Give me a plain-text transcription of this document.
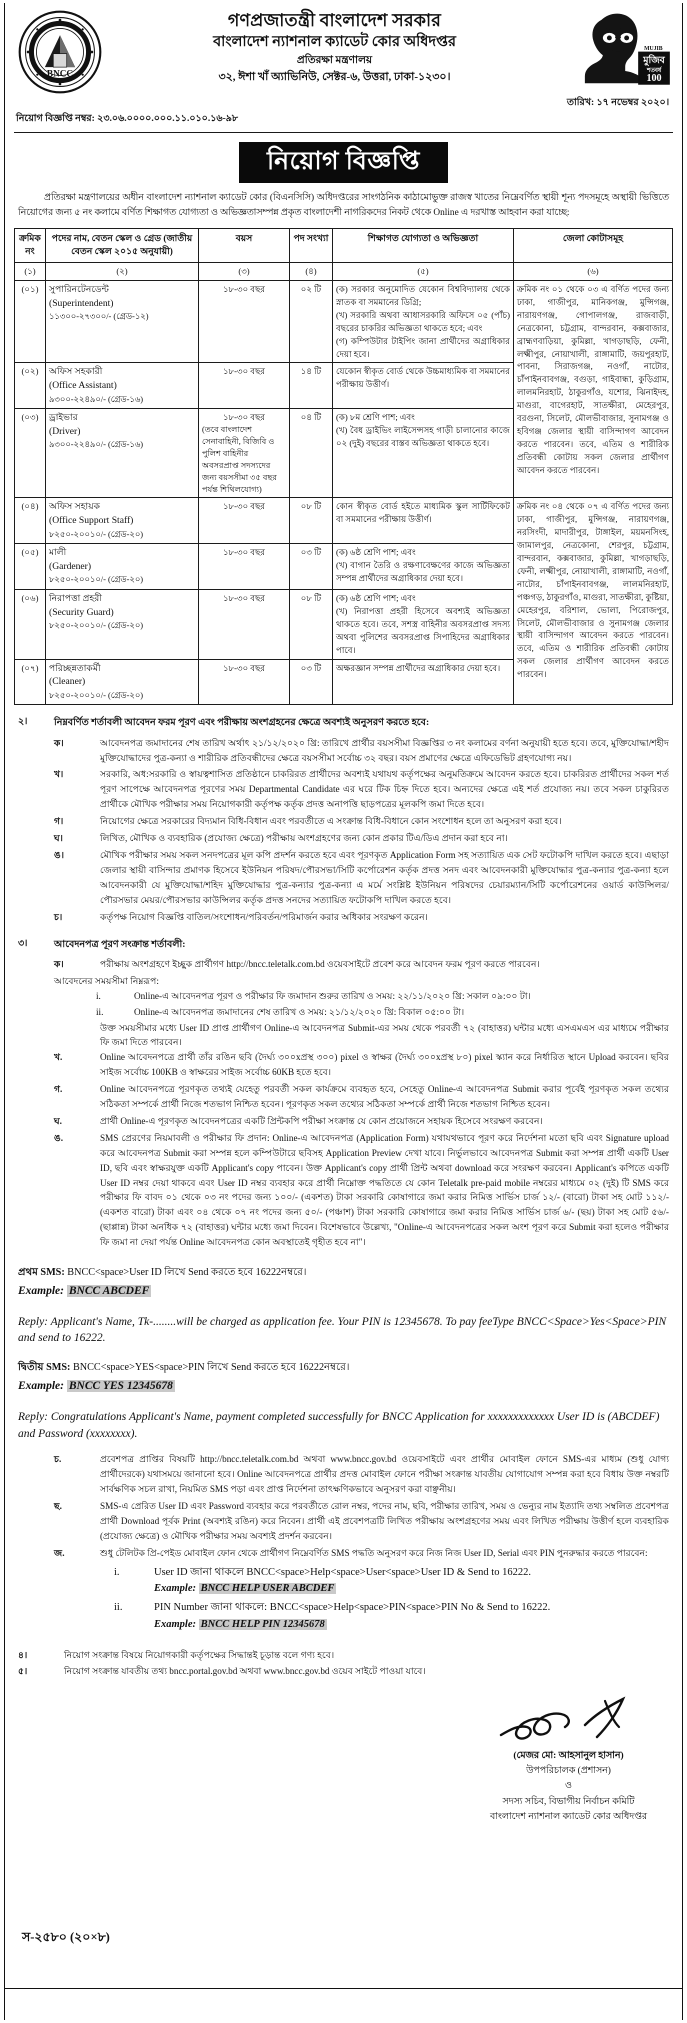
BNCC
গণপ্রজাতন্ত্রী বাংলাদেশ সরকার
বাংলাদেশ ন্যাশনাল ক্যাডেট কোর অধিদপ্তর
প্রতিরক্ষা মন্ত্রণালয়
৩২, ঈশা খাঁ অ্যাভিনিউ, সেক্টর-৬, উত্তরা, ঢাকা-১২৩০।
মুজিব
শতবর্ষ
100
MUJIB
তারিখ: ১৭ নভেম্বর ২০২০।
নিয়োগ বিজ্ঞপ্তি নম্বর: ২৩.০৬.০০০০.০০০.১১.০১০.১৬-৯৮
নিয়োগ বিজ্ঞপ্তি
প্রতিরক্ষা মন্ত্রণালয়ের অধীন বাংলাদেশ ন্যাশনাল ক্যাডেট কোর (বিএনসিসি) অধিদপ্তরের সাংগঠনিক কাঠামোভুক্ত রাজস্ব খাতের নিম্নেবর্ণিত স্থায়ী শূন্য পদসমূহে অস্থায়ী ভিত্তিতে নিয়োগের জন্য ৫ নং কলামে বর্ণিত শিক্ষাগত যোগ্যতা ও অভিজ্ঞতাসম্পন্ন প্রকৃত বাংলাদেশী নাগরিকদের নিকট থেকে Online এ দরখাস্ত আহবান করা যাচ্ছে:
ক্রমিক নং	পদের নাম, বেতন স্কেল ও গ্রেড (জাতীয় বেতন স্কেল ২০১৫ অনুযায়ী)	বয়স	পদ সংখ্যা	শিক্ষাগত যোগ্যতা ও অভিজ্ঞতা	জেলা কোটাসমূহ
(১)	(২)	(৩)	(৪)	(৫)	(৬)
(০১)	সুপারিনটেনডেন্ট
(Superintendent)
১১৩০০-২৭৩০০/- (গ্রেড-১২)
	১৮-৩০ বছর	০২ টি	(ক) সরকার অনুমোদিত যেকোন বিশ্ববিদ্যালয় থেকে স্নাতক বা সমমানের ডিগ্রি;
(খ) সরকারি অথবা আধাসরকারি অফিসে ০৫ (পাঁচ) বছরের চাকরির অভিজ্ঞতা থাকতে হবে; এবং
(গ) কম্পিউটার টাইপিং জানা প্রার্থীদের অগ্রাধিকার দেয়া হবে।	ক্রমিক নং ০১ থেকে ০৩ এ বর্ণিত পদের জন্য ঢাকা, গাজীপুর, মানিকগঞ্জ, মুন্সিগঞ্জ, নারায়ণগঞ্জ, গোপালগঞ্জ, রাজবাড়ী, নেত্রকোনা, চট্টগ্রাম, বান্দরবান, কক্সবাজার, ব্রাহ্মণবাড়িয়া, কুমিল্লা, খাগড়াছড়ি, ফেনী, লক্ষ্মীপুর, নোয়াখালী, রাঙ্গামাটি, জয়পুরহাট, পাবনা, সিরাজগঞ্জ, নওগাঁ, নাটোর, চাঁপাইনবাবগঞ্জ, বগুড়া, গাইবান্ধা, কুড়িগ্রাম, লালমনিরহাট, ঠাকুরগাঁও, যশোর, ঝিনাইদহ, মাগুরা, বাগেরহাট, সাতক্ষীরা, মেহেরপুর, বরগুনা, সিলেট, মৌলভীবাজার, সুনামগঞ্জ ও হবিগঞ্জ জেলার স্থায়ী বাসিন্দাগণ আবেদন করতে পারবেন। তবে, এতিম ও শারীরিক প্রতিবন্ধী কোটায় সকল জেলার প্রার্থীগণ আবেদন করতে পারবেন।
(০২)	অফিস সহকারী
(Office Assistant)
৯৩০০-২২৪৯০/- (গ্রেড-১৬)	১৮-৩০ বছর	১৪ টি	যেকোন স্বীকৃত বোর্ড থেকে উচ্চমাধ্যমিক বা সমমানের পরীক্ষায় উত্তীর্ণ।	
(০৩)	ড্রাইভার
(Driver)
৯৩০০-২২৪৯০/- (গ্রেড-১৬)	১৮-৩০ বছর
(তবে বাংলাদেশ সেনাবাহিনী, বিজিবি ও পুলিশ বাহিনীর অবসরপ্রাপ্ত সদস্যদের জন্য বয়সসীমা ৩৫ বছর পর্যন্ত শিথিলযোগ্য)	০৪ টি	(ক) ৮ম শ্রেণি পাশ; এবং
(খ) বৈধ ড্রাইভিং লাইসেন্সসহ গাড়ী চালানোর কাজে ০২ (দুই) বছরের বাস্তব অভিজ্ঞতা থাকতে হবে।	
(০৪)	অফিস সহায়ক
(Office Support Staff)
৮২৫০-২০০১০/- (গ্রেড-২০)
	১৮-৩০ বছর	০৮ টি	কোন স্বীকৃত বোর্ড হইতে মাধ্যমিক স্কুল সার্টিফিকেট বা সমমানের পরীক্ষায় উত্তীর্ণ।	ক্রমিক নং ০৪ থেকে ০৭ এ বর্ণিত পদের জন্য ঢাকা, গাজীপুর, মুন্সিগঞ্জ, নারায়ণগঞ্জ, নরসিংদী, মাদারীপুর, টাঙ্গাইল, ময়মনসিংহ, জামালপুর, নেত্রকোনা, শেরপুর, চট্টগ্রাম, বান্দরবান, কক্সবাজার, কুমিল্লা, খাগড়াছড়ি, ফেনী, লক্ষ্মীপুর, নোয়াখালী, রাঙ্গামাটি, নওগাঁ, নাটোর, চাঁপাইনবাবগঞ্জ, লালমনিরহাট, পঞ্চগড়, ঠাকুরগাঁও, মাগুরা, সাতক্ষীরা, কুষ্টিয়া, মেহেরপুর, বরিশাল, ভোলা, পিরোজপুর, সিলেট, মৌলভীবাজার ও সুনামগঞ্জ জেলার স্থায়ী বাসিন্দাগণ আবেদন করতে পারবেন। তবে, এতিম ও শারীরিক প্রতিবন্ধী কোটায় সকল জেলার প্রার্থীগণ আবেদন করতে পারবেন।
(০৫)	মালী
(Gardener)
৮২৫০-২০০১০/- (গ্রেড-২০)	১৮-৩০ বছর	০৩ টি	(ক) ৬ষ্ঠ শ্রেণি পাশ; এবং
(খ) বাগান তৈরি ও রক্ষণাবেক্ষণের কাজে অভিজ্ঞতা সম্পন্ন প্রার্থীদের অগ্রাধিকার দেয়া হবে।	
(০৬)	নিরাপত্তা প্রহরী
(Security Guard)
৮২৫০-২০০১০/- (গ্রেড-২০)	১৮-৩০ বছর	০৮ টি	(ক) ৬ষ্ঠ শ্রেণি পাশ; এবং
(খ) নিরাপত্তা প্রহরী হিসেবে অবশ্যই অভিজ্ঞতা থাকতে হবে। তবে, সশস্ত্র বাহিনীর অবসরপ্রাপ্ত সদস্য অথবা পুলিশের অবসরপ্রাপ্ত সিপাহিদের অগ্রাধিকার পাবে।	
(০৭)	পরিচ্ছন্নতাকর্মী
(Cleaner)
৮২৫০-২০০১০/- (গ্রেড-২০)	১৮-৩০ বছর	০৩ টি	অক্ষরজ্ঞান সম্পন্ন প্রার্থীদের অগ্রাধিকার দেয়া হবে।	
২।	নিম্নবর্ণিত শর্তাবলী আবেদন ফরম পূরণ এবং পরীক্ষায় অংশগ্রহনের ক্ষেত্রে অবশ্যই অনুসরণ করতে হবে:
ক।	আবেদনপত্র জমাদানের শেষ তারিখ অর্থাৎ ২১/১২/২০২০ খ্রি: তারিখে প্রার্থীর বয়সসীমা বিজ্ঞপ্তির ৩ নং কলামের বর্ণনা অনুযায়ী হতে হবে। তবে, মুক্তিযোদ্ধা/শহীদ মুক্তিযোদ্ধাদের পুত্র-কন্যা ও শারীরিক প্রতিবন্ধীদের ক্ষেত্রে বয়সসীমা সর্বোচ্চ ৩২ বছর। বয়স প্রমাণের ক্ষেত্রে এফিডেভিট গ্রহণযোগ্য নয়।
খ।	সরকারি, অধ:সরকারি ও স্বায়ত্বশাসিত প্রতিষ্ঠানে চাকরিরত প্রার্থীদের অবশ্যই যথাযথ কর্তৃপক্ষের অনুমতিক্রমে আবেদন করতে হবে। চাকরিরত প্রার্থীদের সকল শর্ত পূরণ সাপেক্ষে আবেদনপত্র পূরণের সময় Departmental Candidate এর ঘরে টিক চিহ্ন দিতে হবে। অন্যদের ক্ষেত্রে এই শর্ত প্রযোজ্য নয়। তবে সকল চাকুরিরত প্রার্থীকে মৌখিক পরীক্ষার সময় নিয়োগকারী কর্তৃপক্ষ কর্তৃক প্রদত্ত অনাপত্তি ছাড়পত্রের মূলকপি জমা দিতে হবে।
গ।	নিয়োগের ক্ষেত্রে সরকারের বিদ্যমান বিধি-বিধান এবং পরবর্তীতে এ সংক্রান্ত বিধি-বিধানে কোন সংশোধন হলে তা অনুসরণ করা হবে।
ঘ।	লিখিত, মৌখিক ও ব্যবহারিক (প্রযোজ্য ক্ষেত্রে) পরীক্ষায় অংশগ্রহণের জন্য কোন প্রকার টিএ/ডিএ প্রদান করা হবে না।
ঙ।	মৌখিক পরীক্ষার সময় সকল সনদপত্রের মূল কপি প্রদর্শন করতে হবে এবং পূরণকৃত Application Form সহ সত্যায়িত এক সেট ফটোকপি দাখিল করতে হবে। এছাড়া জেলার স্থায়ী বাসিন্দার প্রমাণক হিসেবে ইউনিয়ন পরিষদ/পৌরসভা/সিটি কর্পোরেশন কর্তৃক প্রদত্ত সনদ এবং আবেদনকারী মুক্তিযোদ্ধার পুত্র-কন্যার পুত্র-কন্যা হলে আবেদনকারী যে মুক্তিযোদ্ধা/শহিদ মুক্তিযোদ্ধার পুত্র-কন্যার পুত্র-কন্যা এ মর্মে সংশ্লিষ্ট ইউনিয়ন পরিষদের চেয়ারম্যান/সিটি কর্পোরেশনের ওয়ার্ড কাউন্সিলর/পৌরসভার মেয়র/পৌরসভার কাউন্সিলর কর্তৃক প্রদত্ত সনদের সত্যায়িত ফটোকপি দাখিল করতে হবে।
চ।	কর্তৃপক্ষ নিয়োগ বিজ্ঞপ্তি বাতিল/সংশোধন/পরিবর্তন/পরিমার্জন করার অধিকার সংরক্ষণ করেন।
৩।	আবেদনপত্র পূরণ সংক্রান্ত শর্তাবলী:
ক।	পরীক্ষায় অংশগ্রহণে ইচ্ছুক প্রার্থীগণ http://bncc.teletalk.com.bd ওয়েবসাইটে প্রবেশ করে আবেদন ফরম পূরণ করতে পারবেন।
আবেদনের সময়সীমা নিম্নরূপ:
i.	Online-এ আবেদনপত্র পূরণ ও পরীক্ষার ফি জমাদান শুরুর তারিখ ও সময়: ২২/১১/২০২০ খ্রি: সকাল ০৯:০০ টা।
ii.	Online-এ আবেদনপত্র জমাদানের শেষ তারিখ ও সময়: ২১/১২/২০২০ খ্রি: বিকাল ০৫:০০ টা।
উক্ত সময়সীমার মধ্যে User ID প্রাপ্ত প্রার্থীগণ Online-এ আবেদনপত্র Submit-এর সময় থেকে পরবর্তী ৭২ (বাহাত্তর) ঘন্টার মধ্যে এসএমএস এর মাধ্যমে পরীক্ষার ফি জমা দিতে পারবেন।
খ.	Online আবেদনপত্রে প্রার্থী তাঁর রঙিন ছবি (দৈর্ঘ্য ৩০০xপ্রস্থ ৩০০) pixel ও স্বাক্ষর (দৈর্ঘ্য ৩০০xপ্রস্থ ৮০) pixel স্ক্যান করে নির্ধারিত স্থানে Upload করবেন। ছবির সাইজ সর্বোচ্চ 100KB ও স্বাক্ষরের সাইজ সর্বোচ্চ 60KB হতে হবে।
গ.	Online আবেদনপত্রে পূরণকৃত তথ্যই যেহেতু পরবর্তী সকল কার্যক্রমে ব্যবহৃত হবে, সেহেতু Online-এ আবেদনপত্র Submit করার পূর্বেই পূরণকৃত সকল তথ্যের সঠিকতা সম্পর্কে প্রার্থী নিজে শতভাগ নিশ্চিত হবেন। পূরণকৃত সকল তথ্যের সঠিকতা সম্পর্কে প্রার্থী নিজে শতভাগ নিশ্চিত হবেন।
ঘ.	প্রার্থী Online-এ পূরণকৃত আবেদনপত্রের একটি প্রিন্টকপি পরীক্ষা সংক্রান্ত যে কোন প্রয়োজনে সহায়ক হিসেবে সংরক্ষণ করবেন।
ঙ.	SMS প্রেরণের নিয়মাবলী ও পরীক্ষার ফি প্রদান: Online-এ আবেদনপত্র (Application Form) যথাযথভাবে পূরণ করে নির্দেশনা মতো ছবি এবং Signature upload করে আবেদনপত্র Submit করা সম্পন্ন হলে কম্পিউটারে ছবিসহ Application Preview দেখা যাবে। নির্ভুলভাবে আবেদনপত্র Submit করা সম্পন্ন প্রার্থী একটি User ID, ছবি এবং স্বাক্ষরযুক্ত একটি Applicant's copy পাবেন। উক্ত Applicant's copy প্রার্থী প্রিন্ট অথবা download করে সংরক্ষণ করবেন। Applicant's কপিতে একটি User ID নম্বর দেয়া থাকবে এবং User ID নম্বর ব্যবহার করে প্রার্থী নিম্নোক্ত পদ্ধতিতে যে কোন Teletalk pre-paid mobile নম্বরের মাধ্যমে ০২ (দুই) টি SMS করে পরীক্ষার ফি বাবদ ০১ থেকে ০৩ নং পদের জন্য ১০০/- (একশত) টাকা সরকারি কোষাগারে জমা করার নিমিত্ত সার্ভিস চার্জ ১২/- (বারো) টাকা সহ মোট ১১২/- (একশত বারো) টাকা এবং ০৪ থেকে ০৭ নং পদের জন্য ৫০/- (পঞ্চাশ) টাকা সরকারি কোষাগারে জমা করার নিমিত্ত সার্ভিস চার্জ ৬/- (ছয়) টাকা সহ মোট ৫৬/- (ছাপ্পান্ন) টাকা অনধিক ৭২ (বাহাত্তর) ঘন্টার মধ্যে জমা দিবেন। বিশেষভাবে উল্লেখ্য, "Online-এ আবেদনপত্রের সকল অংশ পূরণ করে Submit করা হলেও পরীক্ষার ফি জমা না দেয়া পর্যন্ত Online আবেদনপত্র কোন অবস্থাতেই গৃহীত হবে না"।
প্রথম SMS: BNCC<space>User ID লিখে Send করতে হবে 16222নম্বরে।
Example: BNCC ABCDEF
Reply: Applicant's Name, Tk-........will be charged as application fee. Your PIN is 12345678. To pay feeType BNCC<Space>Yes<Space>PIN and send to 16222.
দ্বিতীয় SMS: BNCC<space>YES<space>PIN লিখে Send করতে হবে 16222নম্বরে।
Example: BNCC YES 12345678
Reply: Congratulations Applicant's Name, payment completed successfully for BNCC Application for xxxxxxxxxxxxx User ID is (ABCDEF) and Password (xxxxxxxx).
চ.	প্রবেশপত্র প্রাপ্তির বিষয়টি http://bncc.teletalk.com.bd অথবা www.bncc.gov.bd ওয়েবসাইটে এবং প্রার্থীর মোবাইল ফোনে SMS-এর মাধ্যম (শুধু যোগ্য প্রার্থীদেরকে) যথাসময়ে জানানো হবে। Online আবেদনপত্রে প্রার্থীর প্রদত্ত মোবাইল ফোনে পরীক্ষা সংক্রান্ত যাবতীয় যোগাযোগ সম্পন্ন করা হবে বিধায় উক্ত নম্বরটি সার্বক্ষণিক সচল রাখা, নিয়মিত SMS পড়া এবং প্রাপ্ত নির্দেশনা তাৎক্ষণিকভাবে অনুসরণ করা বাঞ্ছনীয়।
ছ.	SMS-এ প্রেরিত User ID এবং Password ব্যবহার করে পরবর্তীতে রোল নম্বর, পদের নাম, ছবি, পরীক্ষার তারিখ, সময় ও ভেন্যুর নাম ইত্যাদি তথ্য সম্বলিত প্রবেশপত্র প্রার্থী Download পূর্বক Print (অবশ্যই রঙিন) করে নিবেন। প্রার্থী এই প্রবেশপত্রটি লিখিত পরীক্ষায় অংশগ্রহণের সময় এবং লিখিত পরীক্ষায় উত্তীর্ণ হলে ব্যবহারিক (প্রযোজ্য ক্ষেত্রে) ও মৌখিক পরীক্ষার সময় অবশ্যই প্রদর্শন করবেন।
জ.	শুধু টেলিটক প্রি-পেইড মোবাইল ফোন থেকে প্রার্থীগণ নিম্নেবর্ণিত SMS পদ্ধতি অনুসরণ করে নিজ নিজ User ID, Serial এবং PIN পুনরুদ্ধার করতে পারবেন:
i.	User ID জানা থাকলে BNCC<space>Help<space>User<space>User ID & Send to 16222.
Example: BNCC HELP USER ABCDEF
ii.	PIN Number জানা থাকলে: BNCC<space>Help<space>PIN<space>PIN No & Send to 16222.
Example: BNCC HELP PIN 12345678
৪।	নিয়োগ সংক্রান্ত বিষয়ে নিয়োগকারী কর্তৃপক্ষের সিদ্ধান্তই চূড়ান্ত বলে গণ্য হবে।
৫।	নিয়োগ সংক্রান্ত যাবতীয় তথ্য bncc.portal.gov.bd অথবা www.bncc.gov.bd ওয়েব সাইটে পাওয়া যাবে।
(মেজর মো: আহসানুল হাসান)
উপপরিচালক (প্রশাসন)
ও
সদস্য সচিব, বিভাগীয় নির্বাচন কমিটি
বাংলাদেশ ন্যাশনাল ক্যাডেট কোর অধিদপ্তর
স-২৫৮০ (২০×৮)
